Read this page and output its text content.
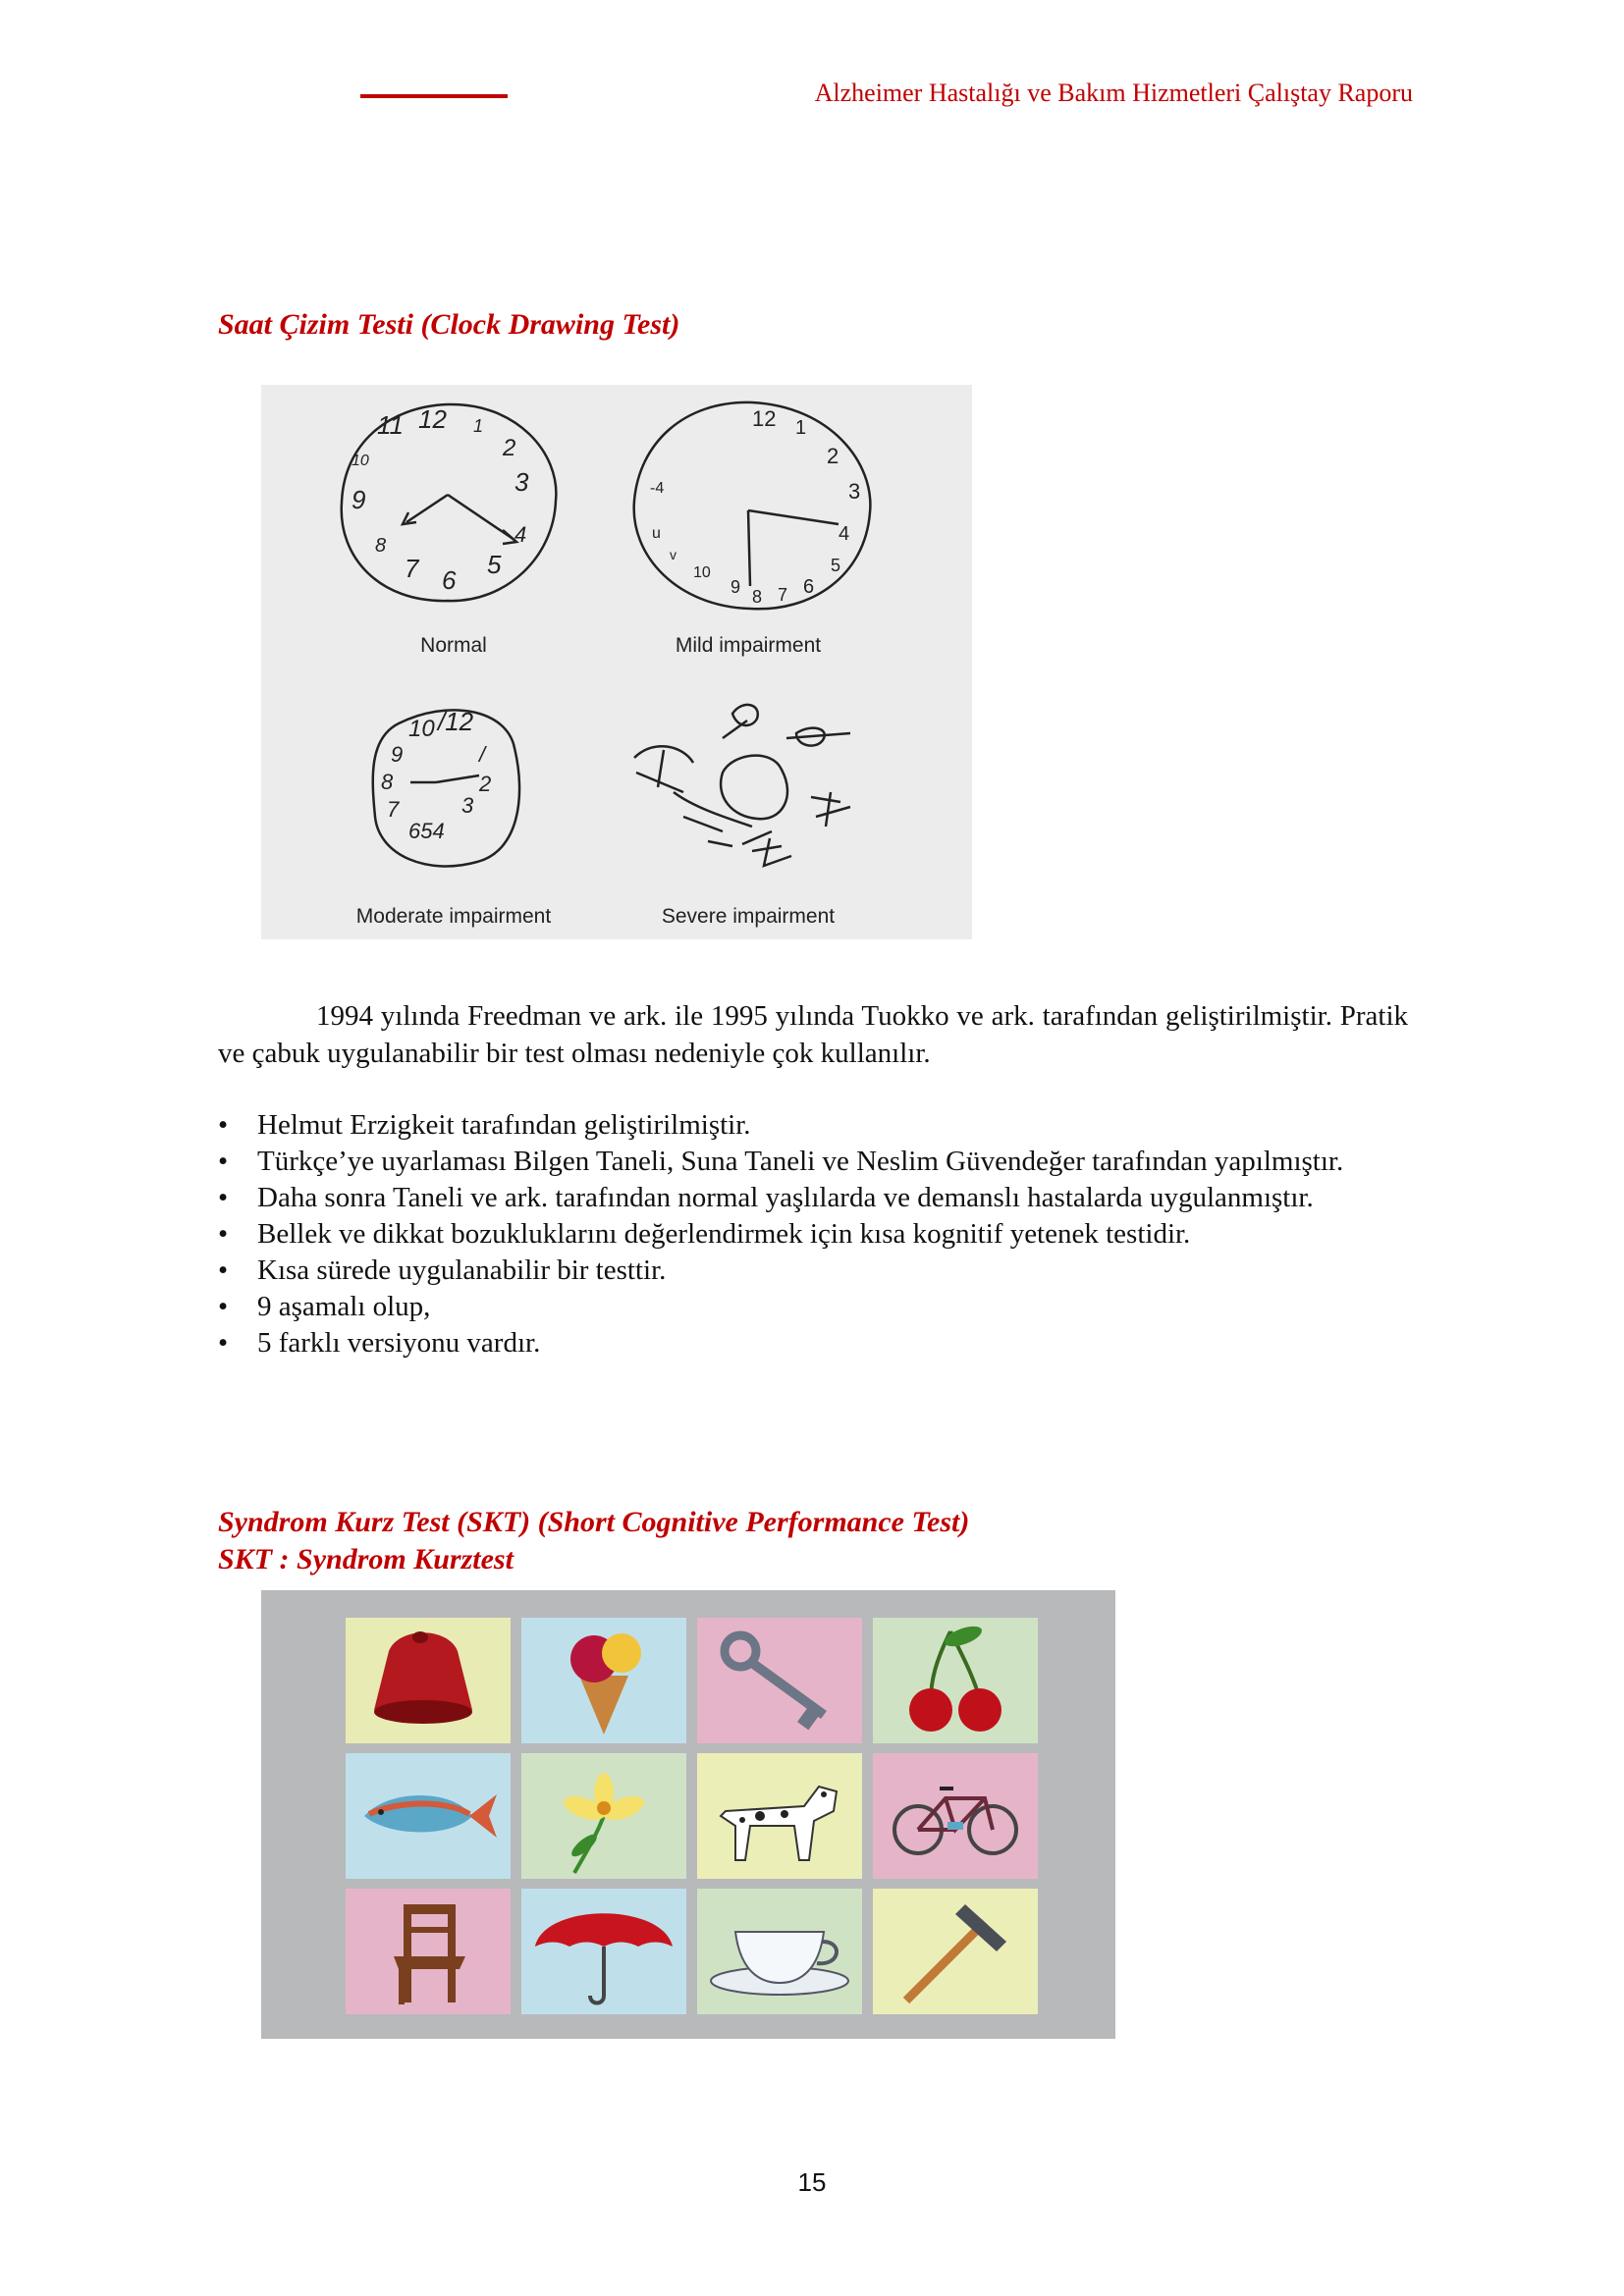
Alzheimer Hastalığı ve Bakım Hizmetleri Çalıştay Raporu
Saat Çizim Testi (Clock Drawing Test)
11 12 1
2
3
4
5
6
7
8
9
10
Normal
12 1
2
3
4
5
6
7
8
9
10
-4
u
v
Mild impairment
10 /12
9	/
8	2
7	3
654
Moderate impairment	Severe impairment

1994 yılında Freedman ve ark. ile 1995 yılında Tuokko ve ark. tarafından geliştirilmiştir. Pratik ve çabuk uygulanabilir bir test olması nedeniyle çok kullanılır.

• Helmut Erzigkeit tarafından geliştirilmiştir.
• Türkçe’ye uyarlaması Bilgen Taneli, Suna Taneli ve Neslim Güvendeğer tarafından yapılmıştır.
• Daha sonra Taneli ve ark. tarafından normal yaşlılarda ve demanslı hastalarda uygulanmıştır.
• Bellek ve dikkat bozukluklarını değerlendirmek için kısa kognitif yetenek testidir.
• Kısa sürede uygulanabilir bir testtir.
• 9 aşamalı olup,
• 5 farklı versiyonu vardır.
Syndrom Kurz Test (SKT) (Short Cognitive Performance Test)
SKT : Syndrom Kurztest
15
